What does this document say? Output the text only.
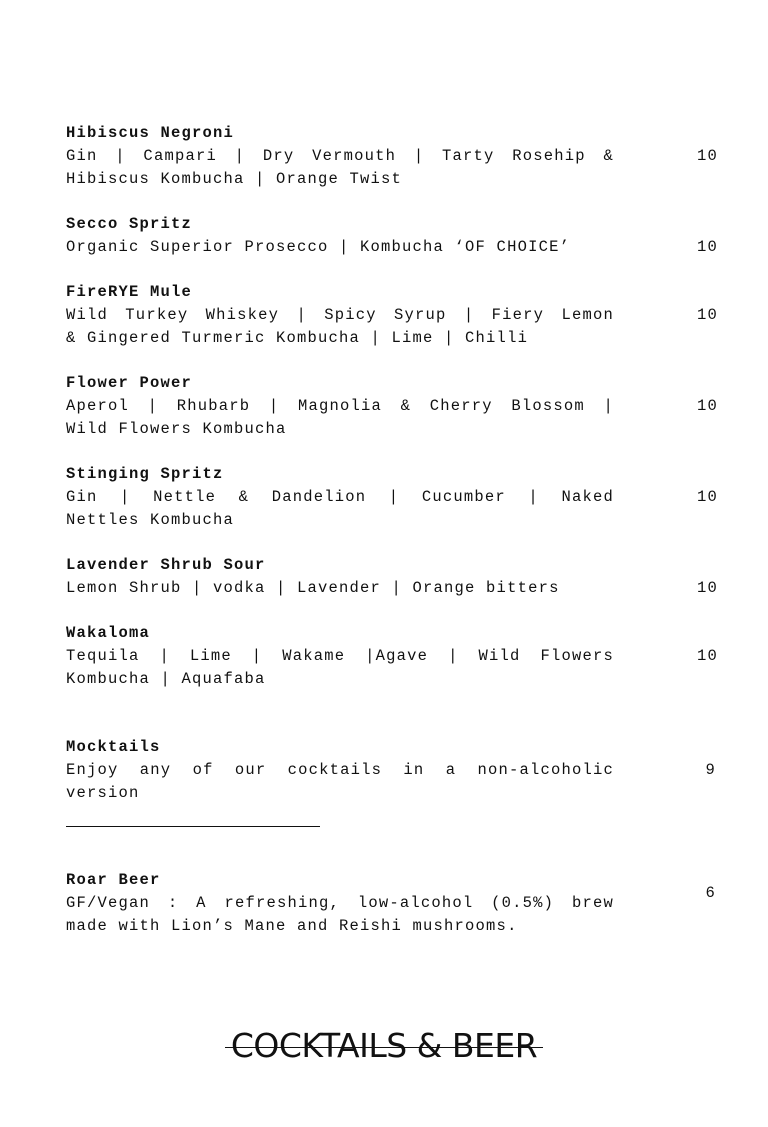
Hibiscus Negroni
Gin | Campari | Dry Vermouth | Tarty Rosehip &
Hibiscus Kombucha | Orange Twist
10
Secco Spritz
Organic Superior Prosecco | Kombucha ‘OF CHOICE’	10
FireRYE Mule
Wild Turkey Whiskey | Spicy Syrup | Fiery Lemon
& Gingered Turmeric Kombucha | Lime | Chilli
10
Flower Power
Aperol | Rhubarb | Magnolia & Cherry Blossom |
Wild Flowers Kombucha
10
Stinging Spritz
Gin | Nettle & Dandelion | Cucumber | Naked
Nettles Kombucha
10
Lavender Shrub Sour
Lemon Shrub | vodka | Lavender | Orange bitters	10
Wakaloma
Tequila | Lime | Wakame |Agave | Wild Flowers
Kombucha | Aquafaba
10
Mocktails
Enjoy any of our cocktails in a non-alcoholic
version
9
Roar Beer
GF/Vegan : A refreshing, low-alcohol (0.5%) brew
made with Lion’s Mane and Reishi mushrooms.
6
COCKTAILS & BEER
